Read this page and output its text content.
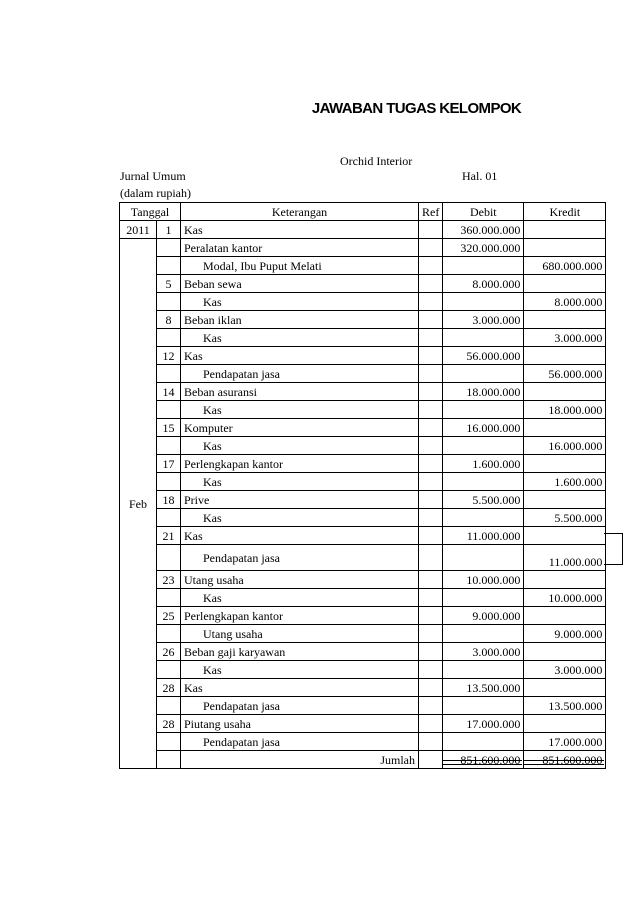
JAWABAN TUGAS KELOMPOK
Orchid Interior
Jurnal Umum	Hal. 01
(dalam rupiah)
Tanggal		Keterangan	Ref	Debit	Kredit
2011	1	Kas		360.000.000	
Feb		Peralatan kantor		320.000.000	
		Modal, Ibu Puput Melati			680.000.000
	5	Beban sewa		8.000.000	
		Kas			8.000.000
	8	Beban iklan		3.000.000	
		Kas			3.000.000
	12	Kas		56.000.000	
		Pendapatan jasa			56.000.000
	14	Beban asuransi		18.000.000	
		Kas			18.000.000
	15	Komputer		16.000.000	
		Kas			16.000.000
	17	Perlengkapan kantor		1.600.000	
		Kas			1.600.000
	18	Prive		5.500.000	
		Kas			5.500.000
	21	Kas		11.000.000	
		Pendapatan jasa			11.000.000
	23	Utang usaha		10.000.000	
		Kas			10.000.000
	25	Perlengkapan kantor		9.000.000	
		Utang usaha			9.000.000
	26	Beban gaji karyawan		3.000.000	
		Kas			3.000.000
	28	Kas		13.500.000	
		Pendapatan jasa			13.500.000
	28	Piutang usaha		17.000.000	
		Pendapatan jasa			17.000.000
		Jumlah		851.600.000	851.600.000
